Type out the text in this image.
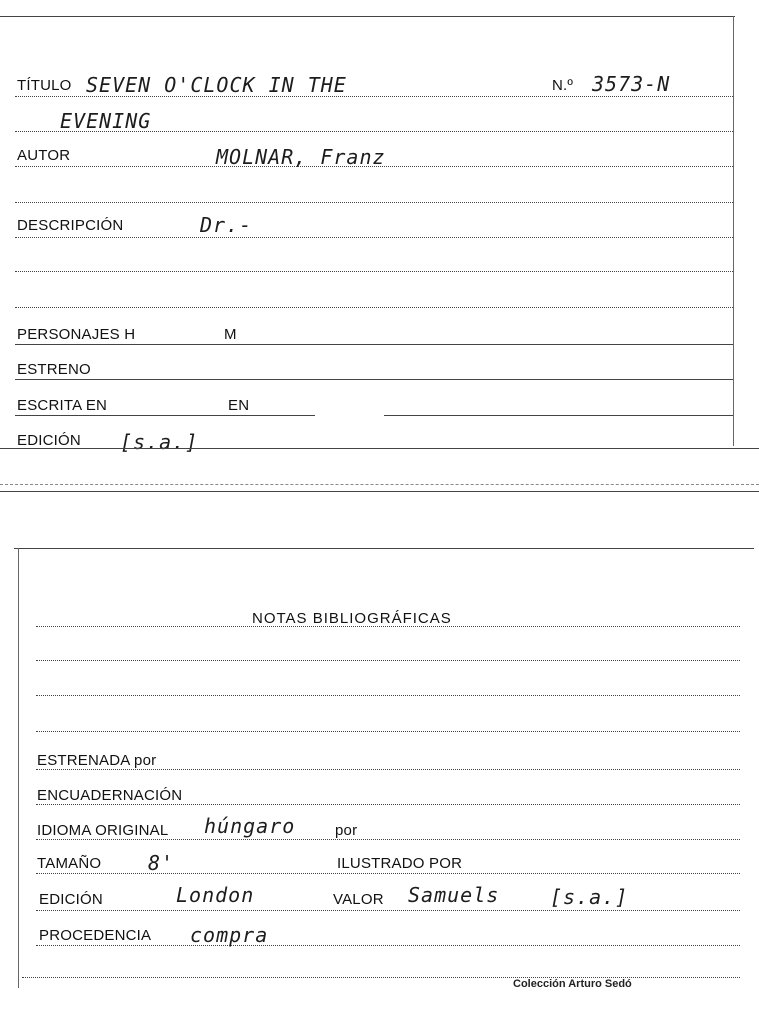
TÍTULO SEVEN O'CLOCK IN THE	N.º 3573-N
EVENING
AUTOR	MOLNAR, Franz
DESCRIPCIÓN	Dr.-
PERSONAJES H	M
ESTRENO
ESCRITA EN	EN
EDICIÓN [s.a.]
NOTAS BIBLIOGRÁFICAS
ESTRENADA por
ENCUADERNACIÓN
IDIOMA ORIGINAL húngaro	por
TAMAÑO 8'	ILUSTRADO POR
EDICIÓN	London	VALOR Samuels	[s.a.]
PROCEDENCIA compra
Colección Arturo Sedó
